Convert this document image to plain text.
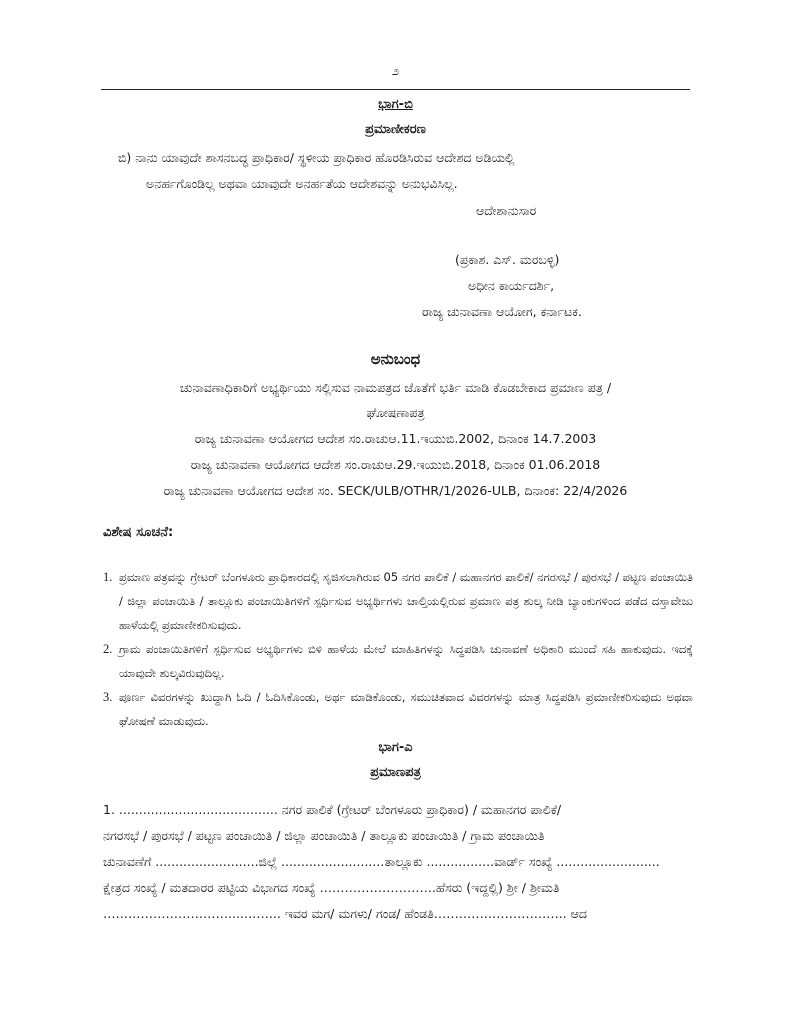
೨
ಭಾಗ-ಬಿ
ಪ್ರಮಾಣೀಕರಣ
ಬಿ) ನಾನು ಯಾವುದೇ ಶಾಸನಬದ್ಧ ಪ್ರಾಧಿಕಾರ/ ಸ್ಥಳೀಯ ಪ್ರಾಧಿಕಾರ ಹೊರಡಿಸಿರುವ ಆದೇಶದ ಅಡಿಯಲ್ಲಿ
ಅನರ್ಹಗೊಂಡಿಲ್ಲ ಅಥವಾ ಯಾವುದೇ ಅನರ್ಹತೆಯ ಆದೇಶವನ್ನು ಅನುಭವಿಸಿಲ್ಲ.
ಆದೇಶಾನುಸಾರ
(ಪ್ರಕಾಶ. ಎಸ್. ಮರಬಳ್ಳಿ)
ಅಧೀನ ಕಾರ್ಯದರ್ಶಿ,
ರಾಜ್ಯ ಚುನಾವಣಾ ಆಯೋಗ, ಕರ್ನಾಟಕ.
ಅನುಬಂಧ
ಚುನಾವಣಾಧಿಕಾರಿಗೆ ಅಭ್ಯರ್ಥಿಯು ಸಲ್ಲಿಸುವ ನಾಮಪತ್ರದ ಜೊತೆಗೆ ಭರ್ತಿ ಮಾಡಿ ಕೊಡಬೇಕಾದ ಪ್ರಮಾಣ ಪತ್ರ /
ಘೋಷಣಾಪತ್ರ
ರಾಜ್ಯ ಚುನಾವಣಾ ಆಯೋಗದ ಆದೇಶ ಸಂ.ರಾಚುಆ.11.ಇಯುಬಿ.2002, ದಿನಾಂಕ 14.7.2003
ರಾಜ್ಯ ಚುನಾವಣಾ ಆಯೋಗದ ಆದೇಶ ಸಂ.ರಾಚುಆ.29.ಇಯುಬಿ.2018, ದಿನಾಂಕ 01.06.2018
ರಾಜ್ಯ ಚುನಾವಣಾ ಆಯೋಗದ ಆದೇಶ ಸಂ. SECK/ULB/OTHR/1/2026-ULB, ದಿನಾಂಕ: 22/4/2026
ವಿಶೇಷ ಸೂಚನೆ:
1. ಪ್ರಮಾಣ ಪತ್ರವನ್ನು ಗ್ರೇಟರ್ ಬೆಂಗಳೂರು ಪ್ರಾಧಿಕಾರದಲ್ಲಿ ಸೃಜಿಸಲಾಗಿರುವ 05 ನಗರ ಪಾಲಿಕೆ / ಮಹಾನಗರ ಪಾಲಿಕೆ/ ನಗರಸಭೆ / ಪುರಸಭೆ / ಪಟ್ಟಣ ಪಂಚಾಯಿತಿ / ಜಿಲ್ಲಾ ಪಂಚಾಯಿತಿ / ತಾಲ್ಲೂಕು ಪಂಚಾಯಿತಿಗಳಿಗೆ ಸ್ಪರ್ಧಿಸುವ ಅಭ್ಯರ್ಥಿಗಳು ಚಾಲ್ತಿಯಲ್ಲಿರುವ ಪ್ರಮಾಣ ಪತ್ರ ಶುಲ್ಕ ನೀಡಿ ಬ್ಯಾಂಕುಗಳಿಂದ ಪಡೆದ ದಸ್ತಾವೇಜು ಹಾಳೆಯಲ್ಲಿ ಪ್ರಮಾಣೀಕರಿಸುವುದು.
2. ಗ್ರಾಮ ಪಂಚಾಯಿತಿಗಳಿಗೆ ಸ್ಪರ್ಧಿಸುವ ಅಭ್ಯರ್ಥಿಗಳು ಬಿಳಿ ಹಾಳೆಯ ಮೇಲೆ ಮಾಹಿತಿಗಳನ್ನು ಸಿದ್ಧಪಡಿಸಿ ಚುನಾವಣೆ ಅಧಿಕಾರಿ ಮುಂದೆ ಸಹಿ ಹಾಕುವುದು. ಇದಕ್ಕೆ ಯಾವುದೇ ಶುಲ್ಕವಿರುವುದಿಲ್ಲ.
3. ಪೂರ್ಣ ವಿವರಗಳನ್ನು ಖುದ್ದಾಗಿ ಓದಿ / ಓದಿಸಿಕೊಂಡು, ಅರ್ಥ ಮಾಡಿಕೊಂಡು, ಸಮುಚಿತವಾದ ವಿವರಗಳನ್ನು ಮಾತ್ರ ಸಿದ್ಧಪಡಿಸಿ ಪ್ರಮಾಣೀಕರಿಸುವುದು ಅಥವಾ ಘೋಷಣೆ ಮಾಡುವುದು.
ಭಾಗ-ಎ
ಪ್ರಮಾಣಪತ್ರ
1. ........................................ ನಗರ ಪಾಲಿಕೆ (ಗ್ರೇಟರ್ ಬೆಂಗಳೂರು ಪ್ರಾಧಿಕಾರ) / ಮಹಾನಗರ ಪಾಲಿಕೆ/
ನಗರಸಭೆ / ಪುರಸಭೆ / ಪಟ್ಟಣ ಪಂಚಾಯಿತಿ / ಜಿಲ್ಲಾ ಪಂಚಾಯಿತಿ / ತಾಲ್ಲೂಕು ಪಂಚಾಯಿತಿ / ಗ್ರಾಮ ಪಂಚಾಯಿತಿ
ಚುನಾವಣೆಗೆ ..........................ಜಿಲ್ಲೆ ..........................ತಾಲ್ಲೂಕು .................ವಾರ್ಡ್ ಸಂಖ್ಯೆ ..........................
ಕ್ಷೇತ್ರದ ಸಂಖ್ಯೆ / ಮತದಾರರ ಪಟ್ಟಿಯ ವಿಭಾಗದ ಸಂಖ್ಯೆ ……………………….ಹೆಸರು (ಇದ್ದಲ್ಲಿ) ಶ್ರೀ / ಶ್ರೀಮತಿ
…………………………....……... ಇವರ ಮಗ/ ಮಗಳು/ ಗಂಡ/ ಹೆಂಡತಿ………………………….. ಆದ
